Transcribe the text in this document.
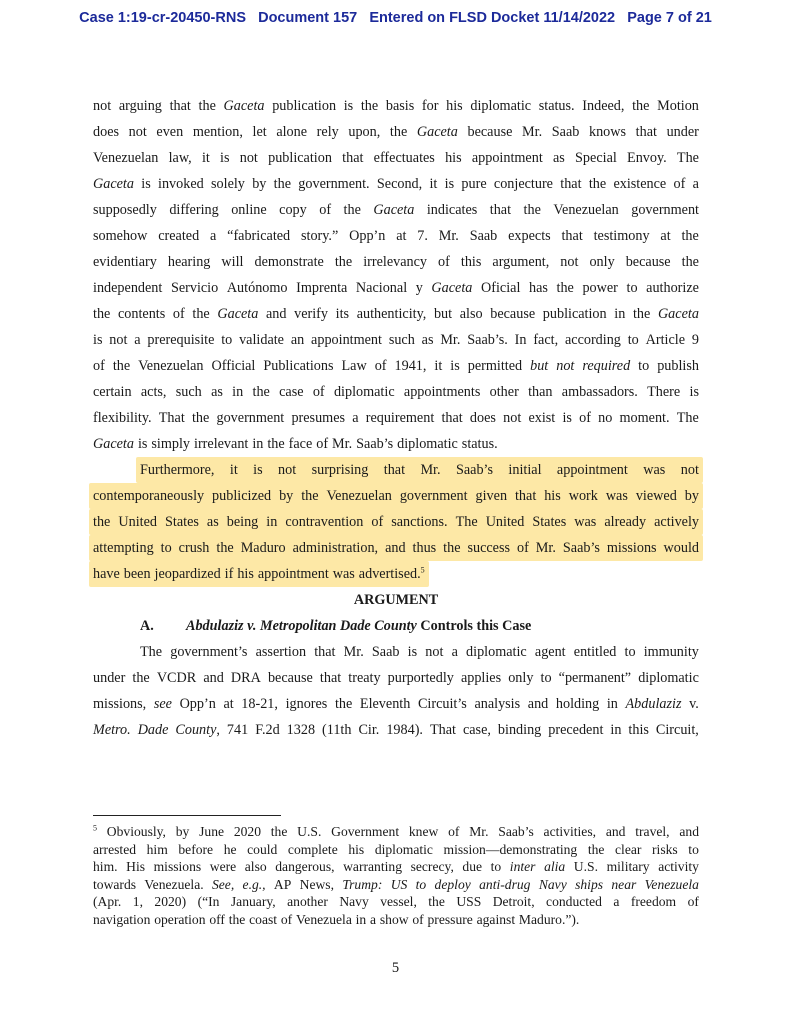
Case 1:19-cr-20450-RNS Document 157 Entered on FLSD Docket 11/14/2022 Page 7 of 21
not arguing that the Gaceta publication is the basis for his diplomatic status. Indeed, the Motion
does not even mention, let alone rely upon, the Gaceta because Mr. Saab knows that under
Venezuelan law, it is not publication that effectuates his appointment as Special Envoy. The
Gaceta is invoked solely by the government. Second, it is pure conjecture that the existence of a
supposedly differing online copy of the Gaceta indicates that the Venezuelan government
somehow created a “fabricated story.” Opp’n at 7. Mr. Saab expects that testimony at the
evidentiary hearing will demonstrate the irrelevancy of this argument, not only because the
independent Servicio Autónomo Imprenta Nacional y Gaceta Oficial has the power to authorize
the contents of the Gaceta and verify its authenticity, but also because publication in the Gaceta
is not a prerequisite to validate an appointment such as Mr. Saab’s. In fact, according to Article 9
of the Venezuelan Official Publications Law of 1941, it is permitted but not required to publish
certain acts, such as in the case of diplomatic appointments other than ambassadors. There is
flexibility. That the government presumes a requirement that does not exist is of no moment. The
Gaceta is simply irrelevant in the face of Mr. Saab’s diplomatic status.
Furthermore, it is not surprising that Mr. Saab’s initial appointment was not
contemporaneously publicized by the Venezuelan government given that his work was viewed by
the United States as being in contravention of sanctions. The United States was already actively
attempting to crush the Maduro administration, and thus the success of Mr. Saab’s missions would
have been jeopardized if his appointment was advertised.$^5$
ARGUMENT
A. Abdulaziz v. Metropolitan Dade County Controls this Case
The government’s assertion that Mr. Saab is not a diplomatic agent entitled to immunity
under the VCDR and DRA because that treaty purportedly applies only to “permanent” diplomatic
missions, see Opp’n at 18-21, ignores the Eleventh Circuit’s analysis and holding in Abdulaziz v.
Metro. Dade County, 741 F.2d 1328 (11th Cir. 1984). That case, binding precedent in this Circuit,
$^5$ Obviously, by June 2020 the U.S. Government knew of Mr. Saab’s activities, and travel, and
arrested him before he could complete his diplomatic mission—demonstrating the clear risks to
him. His missions were also dangerous, warranting secrecy, due to inter alia U.S. military activity
towards Venezuela. See, e.g., AP News, Trump: US to deploy anti-drug Navy ships near Venezuela
(Apr. 1, 2020) (“In January, another Navy vessel, the USS Detroit, conducted a freedom of
navigation operation off the coast of Venezuela in a show of pressure against Maduro.”).
5
